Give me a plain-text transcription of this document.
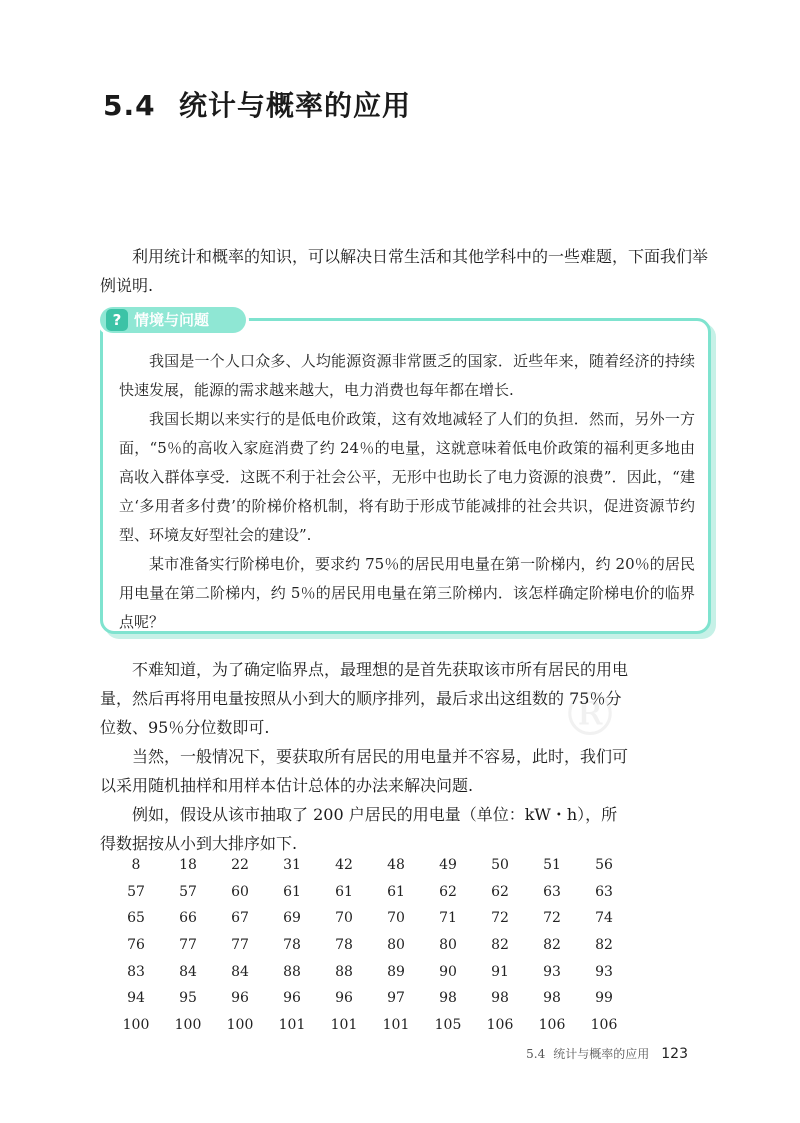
5.4 统计与概率的应用

利用统计和概率的知识，可以解决日常生活和其他学科中的一些难题，下面我们举例说明.

? 情境与问题

我国是一个人口众多、人均能源资源非常匮乏的国家．近些年来，随着经济的持续快速发展，能源的需求越来越大，电力消费也每年都在增长.

我国长期以来实行的是低电价政策，这有效地减轻了人们的负担．然而，另外一方面，“5％的高收入家庭消费了约 24％的电量，这就意味着低电价政策的福利更多地由高收入群体享受．这既不利于社会公平，无形中也助长了电力资源的浪费”．因此，“建立‘多用者多付费’的阶梯价格机制，将有助于形成节能减排的社会共识，促进资源节约型、环境友好型社会的建设”.

某市准备实行阶梯电价，要求约 75％的居民用电量在第一阶梯内，约 20％的居民用电量在第二阶梯内，约 5％的居民用电量在第三阶梯内．该怎样确定阶梯电价的临界点呢？

®

不难知道，为了确定临界点，最理想的是首先获取该市所有居民的用电量，然后再将用电量按照从小到大的顺序排列，最后求出这组数的 75％分位数、95％分位数即可.

当然，一般情况下，要获取所有居民的用电量并不容易，此时，我们可以采用随机抽样和用样本估计总体的办法来解决问题.

例如，假设从该市抽取了 200 户居民的用电量（单位：kW・h），所得数据按从小到大排序如下.

8	18	22	31	42	48	49	50	51	56
57	57	60	61	61	61	62	62	63	63
65	66	67	69	70	70	71	72	72	74
76	77	77	78	78	80	80	82	82	82
83	84	84	88	88	89	90	91	93	93
94	95	96	96	96	97	98	98	98	99
100	100	100	101	101	101	105	106	106	106
5.4 统计与概率的应用 123
